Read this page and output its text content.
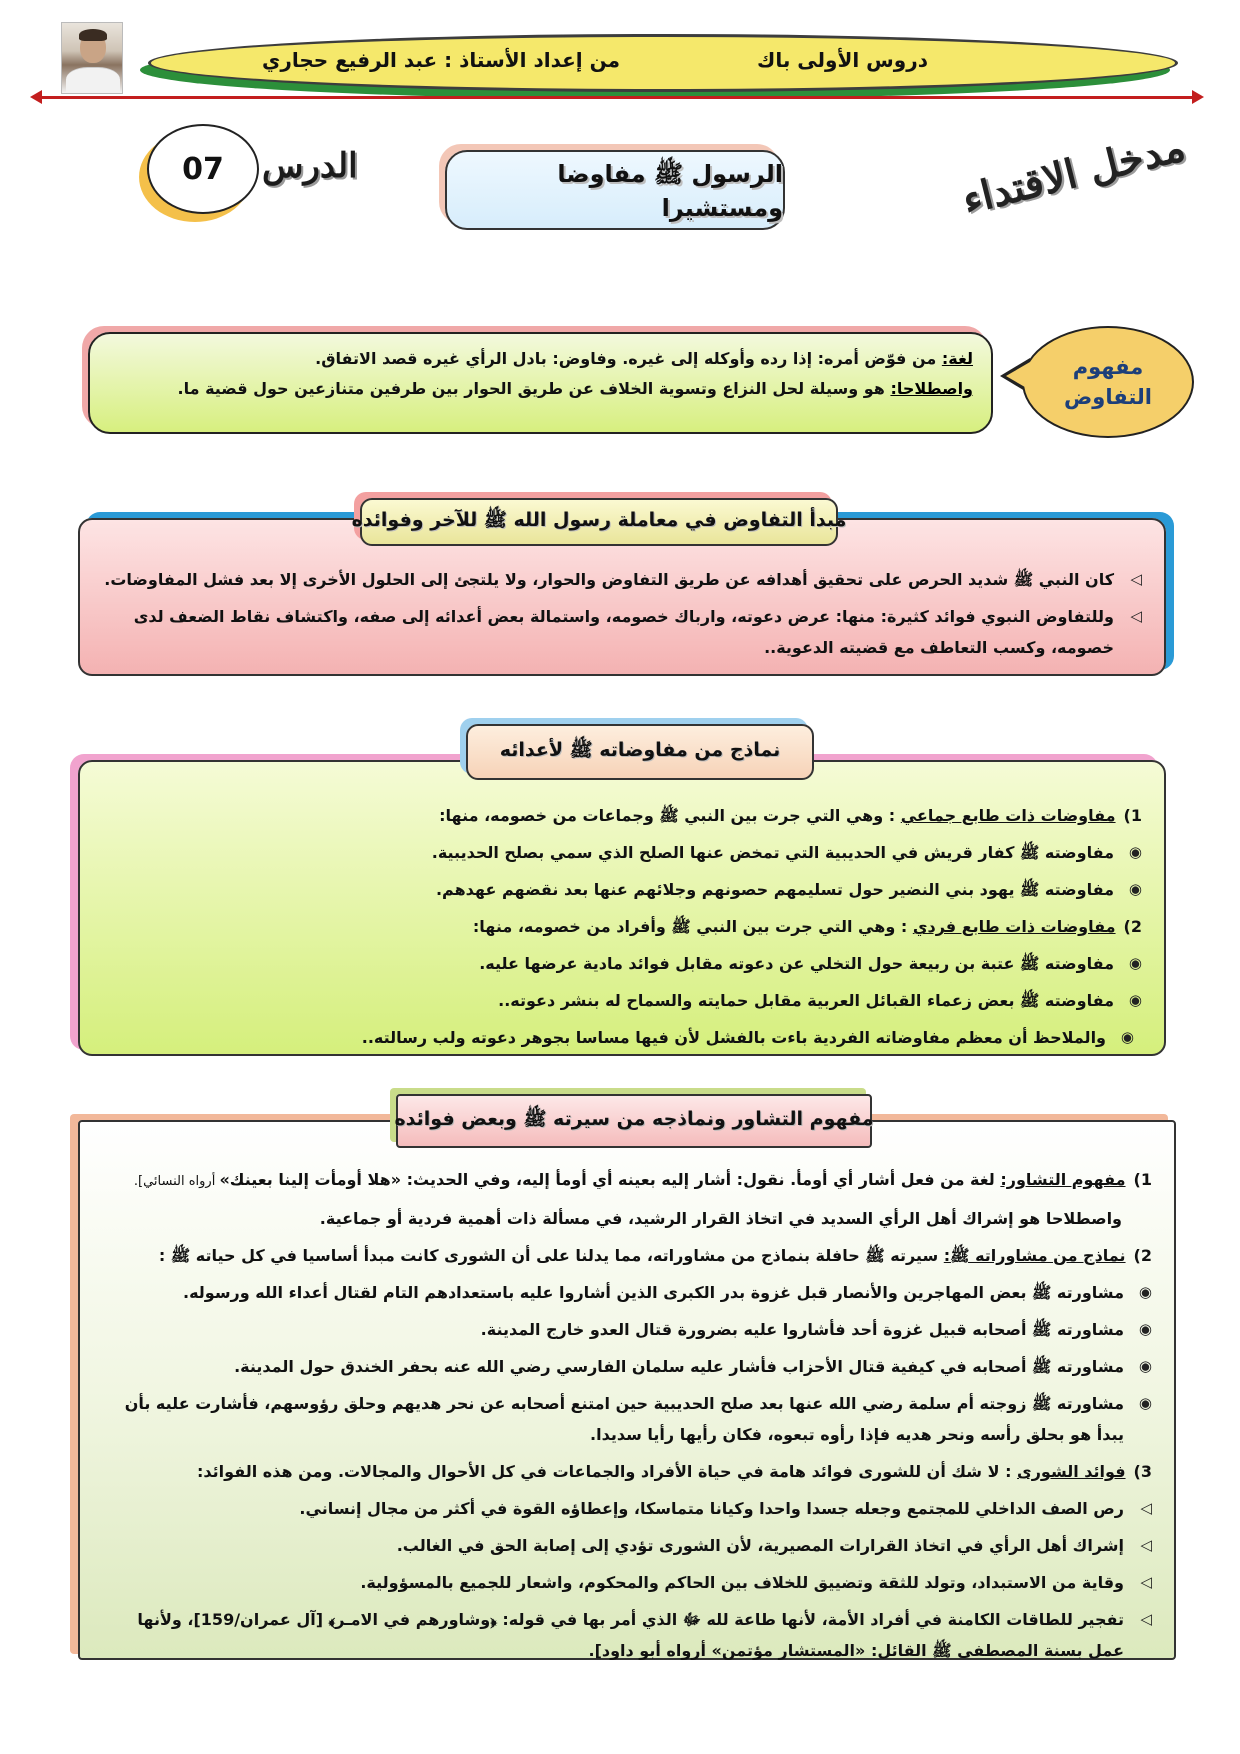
دروس الأولى باك
من إعداد الأستاذ : عبد الرفيع حجاري
07	الدرس	الرسول ﷺ مفاوضا ومستشيرا	مدخل الاقتداء
مفهوم التفاوض
لغة: من فوّض أمره: إذا رده وأوكله إلى غيره. وفاوض: بادل الرأي غيره قصد الاتفاق.
واصطلاحا: هو وسيلة لحل النزاع وتسوية الخلاف عن طريق الحوار بين طرفين متنازعين حول قضية ما.
◁ كان النبي ﷺ شديد الحرص على تحقيق أهدافه عن طريق التفاوض والحوار، ولا يلتجئ إلى الحلول الأخرى إلا بعد فشل المفاوضات.
◁ وللتفاوض النبوي فوائد كثيرة: منها: عرض دعوته، وارباك خصومه، واستمالة بعض أعدائه إلى صفه، واكتشاف نقاط الضعف لدى خصومه، وكسب التعاطف مع قضيته الدعوية..
مبدأ التفاوض في معاملة رسول الله ﷺ للآخر وفوائده
1)مفاوضات ذات طابع جماعي : وهي التي جرت بين النبي ﷺ وجماعات من خصومه، منها:
◉ مفاوضته ﷺ كفار قريش في الحديبية التي تمخض عنها الصلح الذي سمي بصلح الحديبية.
◉ مفاوضته ﷺ يهود بني النضير حول تسليمهم حصونهم وجلائهم عنها بعد نقضهم عهدهم.
2)مفاوضات ذات طابع فردي : وهي التي جرت بين النبي ﷺ وأفراد من خصومه، منها:
◉ مفاوضته ﷺ عتبة بن ربيعة حول التخلي عن دعوته مقابل فوائد مادية عرضها عليه.
◉ مفاوضته ﷺ بعض زعماء القبائل العربية مقابل حمايته والسماح له بنشر دعوته..
◉ والملاحظ أن معظم مفاوضاته الفردية باءت بالفشل لأن فيها مساسا بجوهر دعوته ولب رسالته..
نماذج من مفاوضاته ﷺ لأعدائه
1)مفهوم التشاور: لغة من فعل أشار أي أومأ. نقول: أشار إليه بعينه أي أومأ إليه، وفي الحديث: «هلا أومأت إلينا بعينك» أرواه النسائي].
واصطلاحا هو إشراك أهل الرأي السديد في اتخاذ القرار الرشيد، في مسألة ذات أهمية فردية أو جماعية.
2)نماذج من مشاوراته ﷺ: سيرته ﷺ حافلة بنماذج من مشاوراته، مما يدلنا على أن الشورى كانت مبدأ أساسيا في كل حياته ﷺ :
◉ مشاورته ﷺ بعض المهاجرين والأنصار قبل غزوة بدر الكبرى الذين أشاروا عليه باستعدادهم التام لقتال أعداء الله ورسوله.
◉ مشاورته ﷺ أصحابه قبيل غزوة أحد فأشاروا عليه بضرورة قتال العدو خارج المدينة.
◉ مشاورته ﷺ أصحابه في كيفية قتال الأحزاب فأشار عليه سلمان الفارسي رضي الله عنه بحفر الخندق حول المدينة.
◉ مشاورته ﷺ زوجته أم سلمة رضي الله عنها بعد صلح الحديبية حين امتنع أصحابه عن نحر هديهم وحلق رؤوسهم، فأشارت عليه بأن يبدأ هو بحلق رأسه ونحر هديه فإذا رأوه تبعوه، فكان رأيها رأيا سديدا.
3)فوائد الشورى : لا شك أن للشورى فوائد هامة في حياة الأفراد والجماعات في كل الأحوال والمجالات. ومن هذه الفوائد:
◁ رص الصف الداخلي للمجتمع وجعله جسدا واحدا وكيانا متماسكا، وإعطاؤه القوة في أكثر من مجال إنساني.
◁ إشراك أهل الرأي في اتخاذ القرارات المصيرية، لأن الشورى تؤدي إلى إصابة الحق في الغالب.
◁ وقاية من الاستبداد، وتولد للثقة وتضييق للخلاف بين الحاكم والمحكوم، واشعار للجميع بالمسؤولية.
◁ تفجير للطاقات الكامنة في أفراد الأمة، لأنها طاعة لله ﷻ الذي أمر بها في قوله: ﴿وشاورهم في الامـر﴾ [آل عمران/159]، ولأنها عمل بسنة المصطفى ﷺ القائل: «المستشار مؤتمن» أرواه أبو داود].
مفهوم التشاور ونماذجه من سيرته ﷺ وبعض فوائده
